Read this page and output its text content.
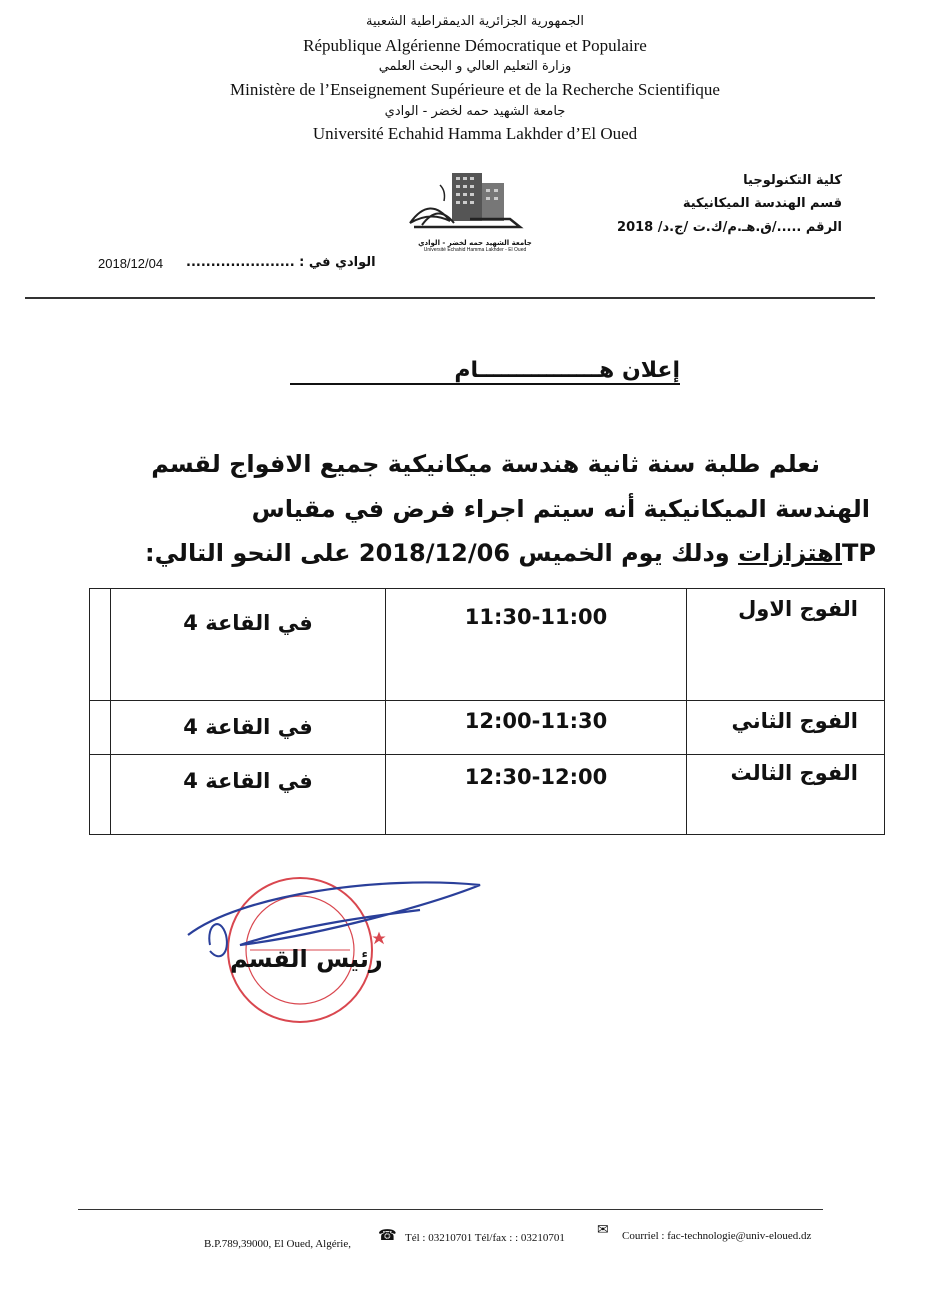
الجمهورية الجزائرية الديمقراطية الشعبية
République Algérienne Démocratique et Populaire
وزارة التعليم العالي و البحث العلمي
Ministère de l’Enseignement Supérieure et de la Recherche Scientifique
جامعة الشهيد حمه لخضر - الوادي
Université Echahid Hamma Lakhder d’El Oued
كلية التكنولوجيا
قسم الهندسة الميكانيكية
الرقم ...../ق.هـ.م/ك.ت /ج.د/ 2018
جامعة الشهيد حمه لخضر - الوادي
Université Echahid Hamma Lakhder - El Oued
الوادي في : ......................
2018/12/04
إعلان هــــــــــــــــام
نعلم طلبة سنة ثانية هندسة ميكانيكية جميع الافواج لقسم
الهندسة الميكانيكية أنه سيتم اجراء فرض في مقياس
TPاهتزازات ودلك يوم الخميس 2018/12/06 على النحو التالي:
	في القاعة 4	11:30-11:00	الفوج الاول
	في القاعة 4	12:00-11:30	الفوج الثاني
	في القاعة 4	12:30-12:00	الفوج الثالث
رئيس القسم
B.P.789,39000, El Oued, Algérie, ☎ Tél : 03210701 Tél/fax : : 03210701 ✉ Courriel : fac-technologie@univ-eloued.dz
